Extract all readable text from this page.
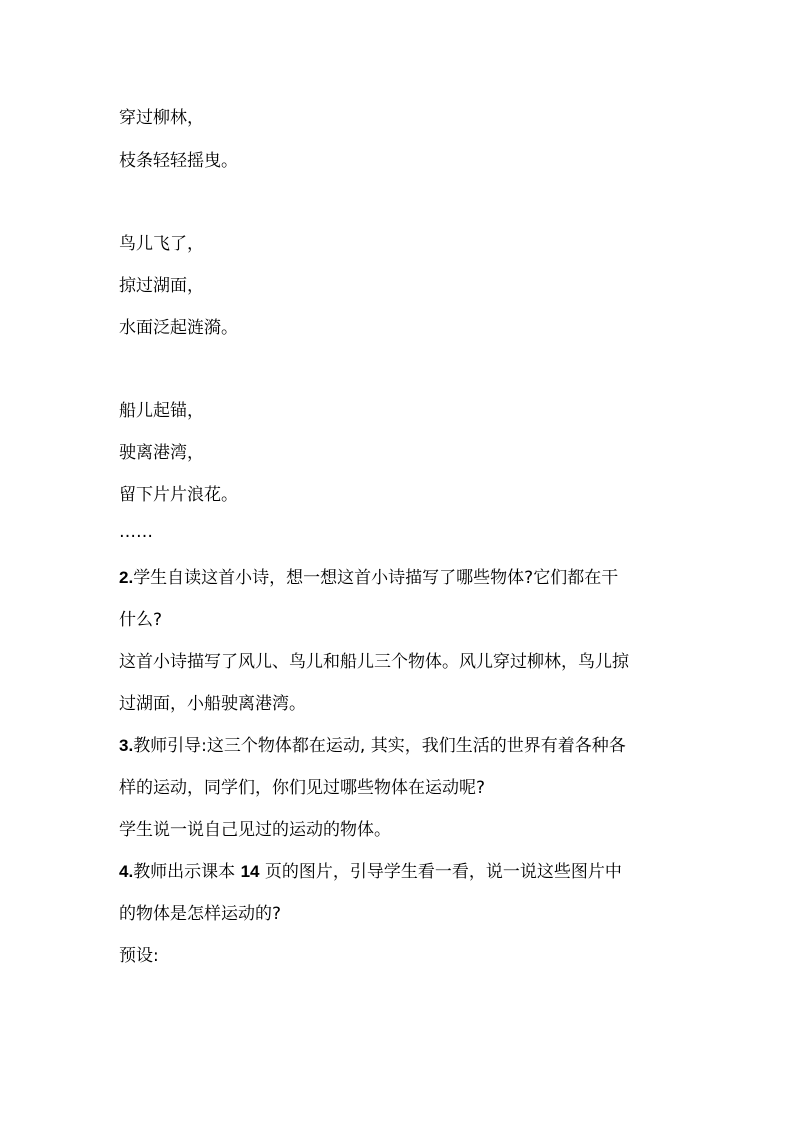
穿过柳林，
枝条轻轻摇曳。
鸟儿飞了，
掠过湖面，
水面泛起涟漪。
船儿起锚，
驶离港湾，
留下片片浪花。
……
2.学生自读这首小诗，想一想这首小诗描写了哪些物体?它们都在干
什么?
这首小诗描写了风儿、鸟儿和船儿三个物体。风儿穿过柳林，鸟儿掠
过湖面，小船驶离港湾。
3.教师引导:这三个物体都在运动, 其实，我们生活的世界有着各种各
样的运动，同学们，你们见过哪些物体在运动呢?
学生说一说自己见过的运动的物体。
4.教师出示课本 14 页的图片，引导学生看一看，说一说这些图片中
的物体是怎样运动的?
预设:
